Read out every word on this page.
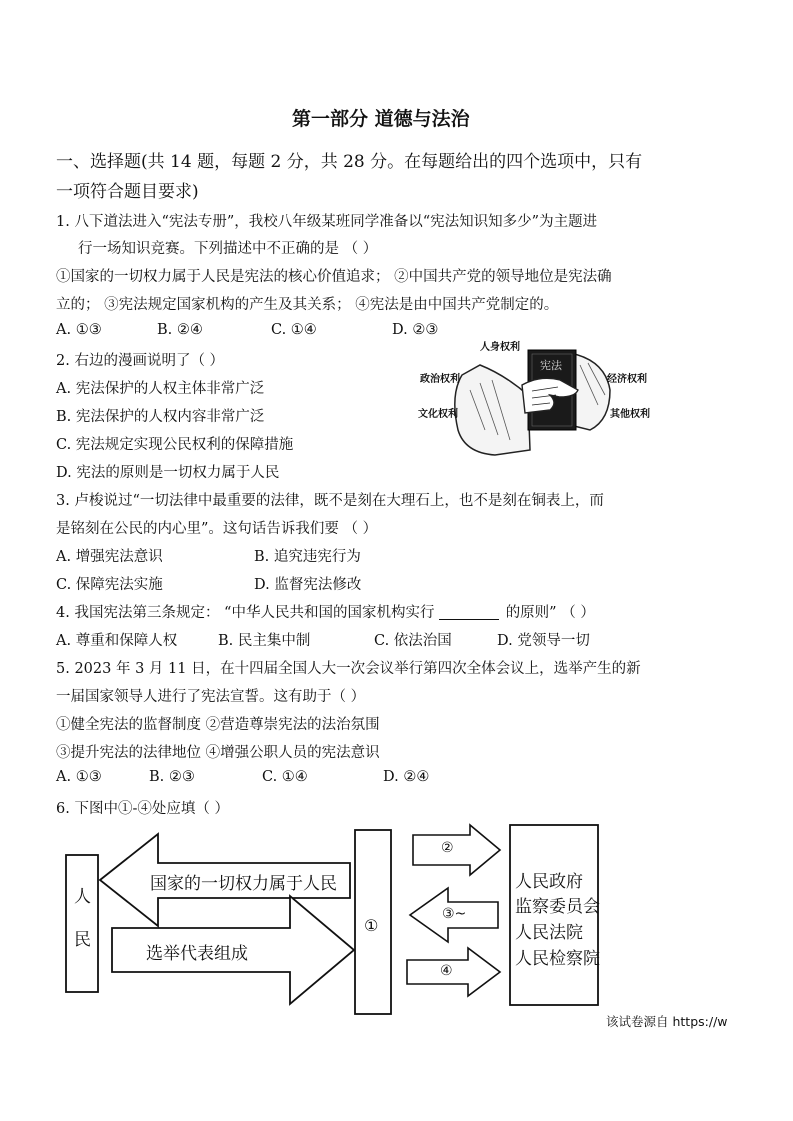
第一部分 道德与法治
一、选择题(共 14 题，每题 2 分，共 28 分。在每题给出的四个选项中，只有
一项符合题目要求)
1. 八下道法进入“宪法专册”，我校八年级某班同学准备以“宪法知识知多少”为主题进
行一场知识竞赛。下列描述中不正确的是 （ ）
①国家的一切权力属于人民是宪法的核心价值追求； ②中国共产党的领导地位是宪法确
立的； ③宪法规定国家机构的产生及其关系； ④宪法是由中国共产党制定的。
A. ①③	B. ②④	C. ①④	D. ②③
2. 右边的漫画说明了（ ）
A. 宪法保护的人权主体非常广泛
B. 宪法保护的人权内容非常广泛
C. 宪法规定实现公民权利的保障措施
D. 宪法的原则是一切权力属于人民
宪法
人身权利
政治权利	经济权利
文化权利	其他权利
3. 卢梭说过“一切法律中最重要的法律，既不是刻在大理石上，也不是刻在铜表上，而
是铭刻在公民的内心里”。这句话告诉我们要 （ ）
A. 增强宪法意识	B. 追究违宪行为
C. 保障宪法实施	D. 监督宪法修改
4. 我国宪法第三条规定： “中华人民共和国的国家机构实行	的原则” （ ）
A. 尊重和保障人权	B. 民主集中制	C. 依法治国	D. 党领导一切
5. 2023 年 3 月 11 日，在十四届全国人大一次会议举行第四次全体会议上，选举产生的新
一届国家领导人进行了宪法宣誓。这有助于（ ）
①健全宪法的监督制度 ②营造尊崇宪法的法治氛围
③提升宪法的法律地位 ④增强公职人员的宪法意识
A. ①③	B. ②③	C. ①④	D. ②④
6. 下图中①-④处应填（ ）
人
民
国家的一切权力属于人民
选举代表组成
①
②
③~
④
人民政府
监察委员会
人民法院
人民检察院
该试卷源自 https://w
